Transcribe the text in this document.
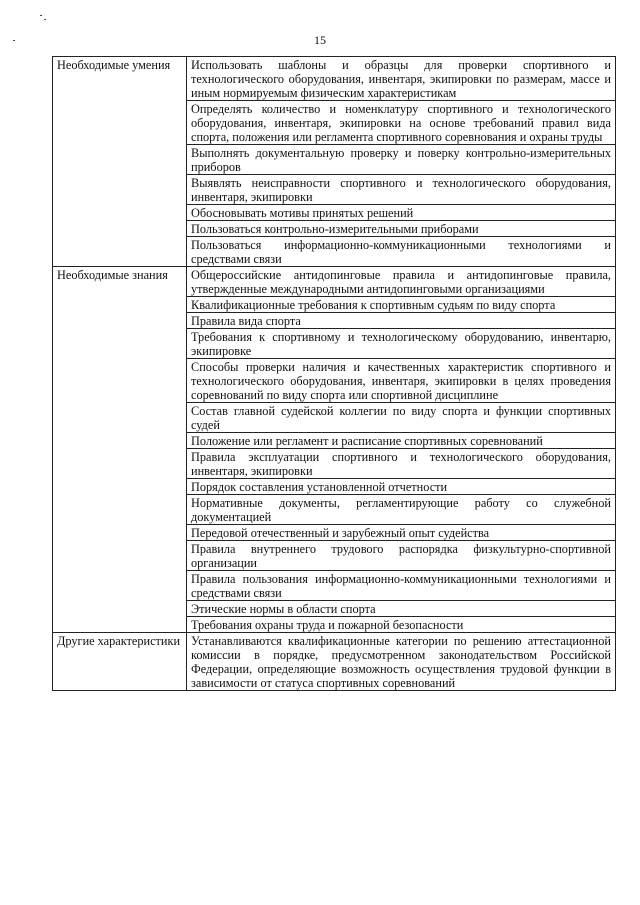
15
Необходимые умения	Использовать шаблоны и образцы для проверки спортивного и технологического оборудования, инвентаря, экипировки по размерам, массе и иным нормируемым физическим характеристикам
	Определять количество и номенклатуру спортивного и технологического оборудования, инвентаря, экипировки на основе требований правил вида спорта, положения или регламента спортивного соревнования и охраны труды
	Выполнять документальную проверку и поверку контрольно-измерительных приборов
	Выявлять неисправности спортивного и технологического оборудования, инвентаря, экипировки
	Обосновывать мотивы принятых решений
	Пользоваться контрольно-измерительными приборами
	Пользоваться информационно-коммуникационными технологиями и средствами связи
Необходимые знания	Общероссийские антидопинговые правила и антидопинговые правила, утвержденные международными антидопинговыми организациями
	Квалификационные требования к спортивным судьям по виду спорта
	Правила вида спорта
	Требования к спортивному и технологическому оборудованию, инвентарю, экипировке
	Способы проверки наличия и качественных характеристик спортивного и технологического оборудования, инвентаря, экипировки в целях проведения соревнований по виду спорта или спортивной дисциплине
	Состав главной судейской коллегии по виду спорта и функции спортивных судей
	Положение или регламент и расписание спортивных соревнований
	Правила эксплуатации спортивного и технологического оборудования, инвентаря, экипировки
	Порядок составления установленной отчетности
	Нормативные документы, регламентирующие работу со служебной документацией
	Передовой отечественный и зарубежный опыт судейства
	Правила внутреннего трудового распорядка физкультурно-спортивной организации
	Правила пользования информационно-коммуникационными технологиями и средствами связи
	Этические нормы в области спорта
	Требования охраны труда и пожарной безопасности
Другие характеристики	Устанавливаются квалификационные категории по решению аттестационной комиссии в порядке, предусмотренном законодательством Российской Федерации, определяющие возможность осуществления трудовой функции в зависимости от статуса спортивных соревнований
